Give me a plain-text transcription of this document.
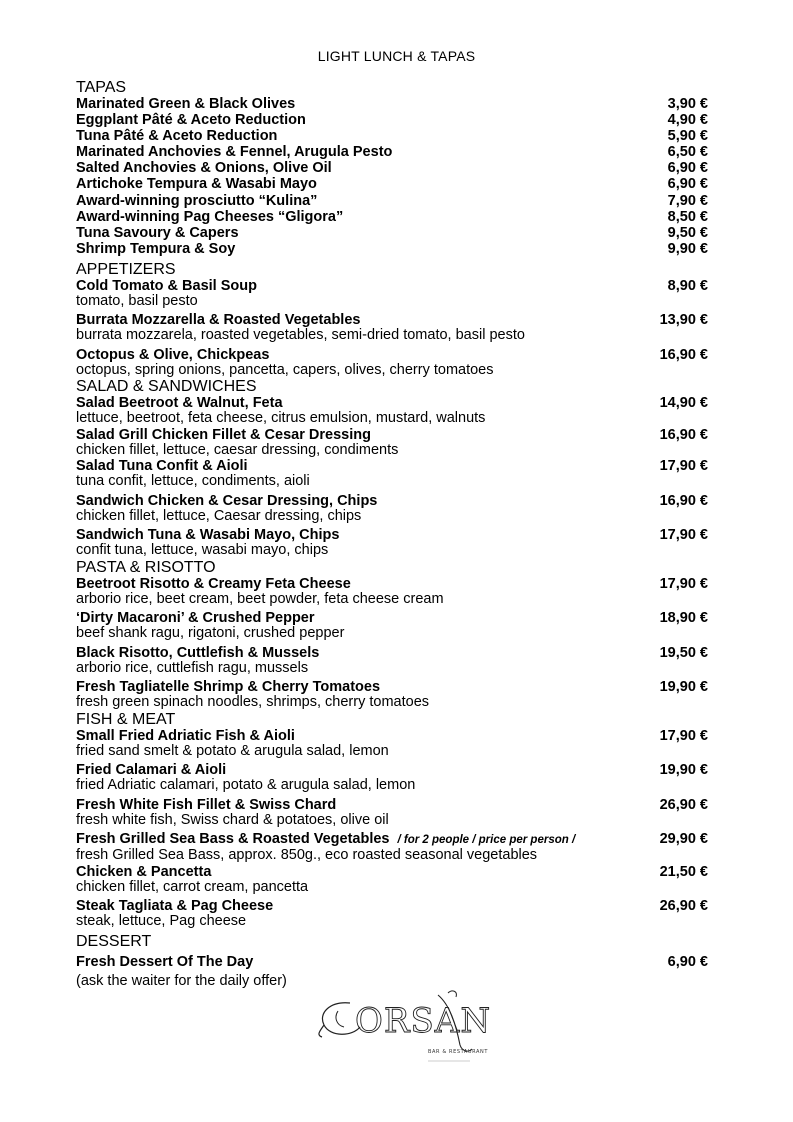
LIGHT LUNCH & TAPAS
TAPAS
Marinated Green & Black Olives	3,90 €
Eggplant Pâté & Aceto Reduction	4,90 €
Tuna Pâté & Aceto Reduction	5,90 €
Marinated Anchovies & Fennel, Arugula Pesto	6,50 €
Salted Anchovies & Onions, Olive Oil	6,90 €
Artichoke Tempura & Wasabi Mayo	6,90 €
Award-winning prosciutto “Kulina”	7,90 €
Award-winning Pag Cheeses “Gligora”	8,50 €
Tuna Savoury & Capers	9,50 €
Shrimp Tempura & Soy	9,90 €
APPETIZERS
Cold Tomato & Basil Soup	8,90 €
tomato, basil pesto
Burrata Mozzarella & Roasted Vegetables	13,90 €
burrata mozzarela, roasted vegetables, semi-dried tomato, basil pesto
Octopus & Olive, Chickpeas	16,90 €
octopus, spring onions, pancetta, capers, olives, cherry tomatoes
SALAD & SANDWICHES
Salad Beetroot & Walnut, Feta	14,90 €
lettuce, beetroot, feta cheese, citrus emulsion, mustard, walnuts
Salad Grill Chicken Fillet & Cesar Dressing	16,90 €
chicken fillet, lettuce, caesar dressing, condiments
Salad Tuna Confit & Aioli	17,90 €
tuna confit, lettuce, condiments, aioli
Sandwich Chicken & Cesar Dressing, Chips	16,90 €
chicken fillet, lettuce, Caesar dressing, chips
Sandwich Tuna & Wasabi Mayo, Chips	17,90 €
confit tuna, lettuce, wasabi mayo, chips
PASTA & RISOTTO
Beetroot Risotto & Creamy Feta Cheese	17,90 €
arborio rice, beet cream, beet powder, feta cheese cream
‘Dirty Macaroni’ & Crushed Pepper	18,90 €
beef shank ragu, rigatoni, crushed pepper
Black Risotto, Cuttlefish & Mussels	19,50 €
arborio rice, cuttlefish ragu, mussels
Fresh Tagliatelle Shrimp & Cherry Tomatoes	19,90 €
fresh green spinach noodles, shrimps, cherry tomatoes
FISH & MEAT
Small Fried Adriatic Fish & Aioli	17,90 €
fried sand smelt & potato & arugula salad, lemon
Fried Calamari & Aioli	19,90 €
fried Adriatic calamari, potato & arugula salad, lemon
Fresh White Fish Fillet & Swiss Chard	26,90 €
fresh white fish, Swiss chard & potatoes, olive oil
Fresh Grilled Sea Bass & Roasted Vegetables / for 2 people / price per person /	29,90 €
fresh Grilled Sea Bass, approx. 850g., eco roasted seasonal vegetables
Chicken & Pancetta	21,50 €
chicken fillet, carrot cream, pancetta
Steak Tagliata & Pag Cheese	26,90 €
steak, lettuce, Pag cheese
DESSERT
Fresh Dessert Of The Day	6,90 €
(ask the waiter for the daily offer)
ORSAN
BAR & RESTAURANT
